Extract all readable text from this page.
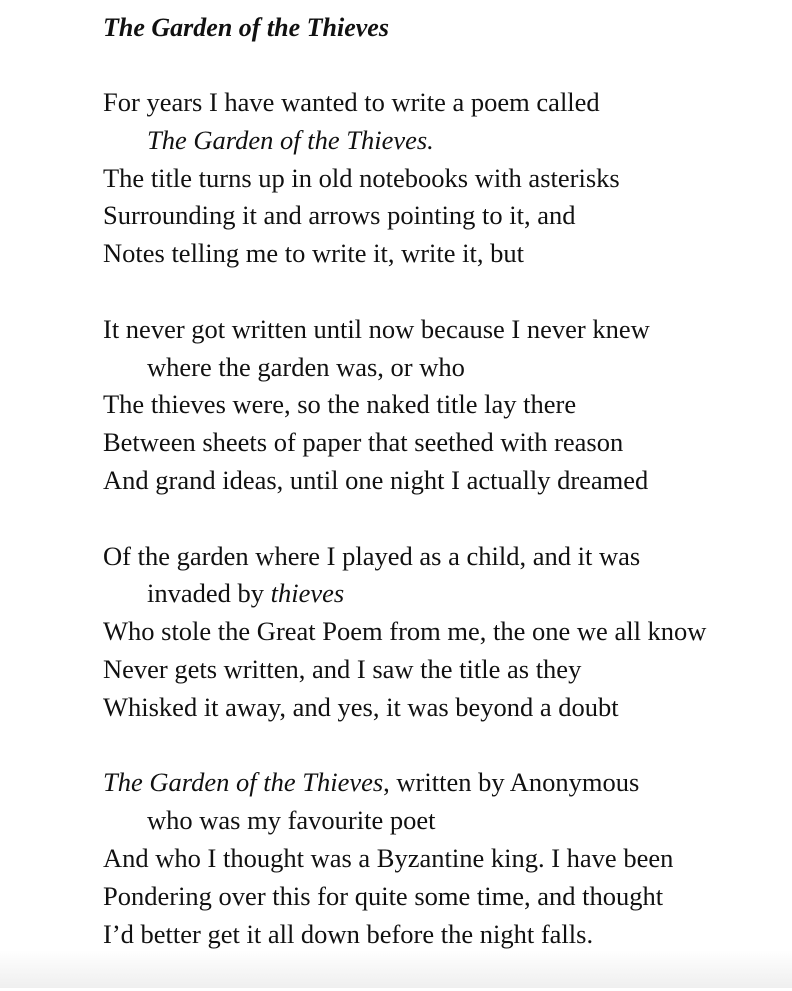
The Garden of the Thieves
For years I have wanted to write a poem called
The Garden of the Thieves.
The title turns up in old notebooks with asterisks
Surrounding it and arrows pointing to it, and
Notes telling me to write it, write it, but
It never got written until now because I never knew
where the garden was, or who
The thieves were, so the naked title lay there
Between sheets of paper that seethed with reason
And grand ideas, until one night I actually dreamed
Of the garden where I played as a child, and it was
invaded by thieves
Who stole the Great Poem from me, the one we all know
Never gets written, and I saw the title as they
Whisked it away, and yes, it was beyond a doubt
The Garden of the Thieves, written by Anonymous
who was my favourite poet
And who I thought was a Byzantine king. I have been
Pondering over this for quite some time, and thought
I’d better get it all down before the night falls.
